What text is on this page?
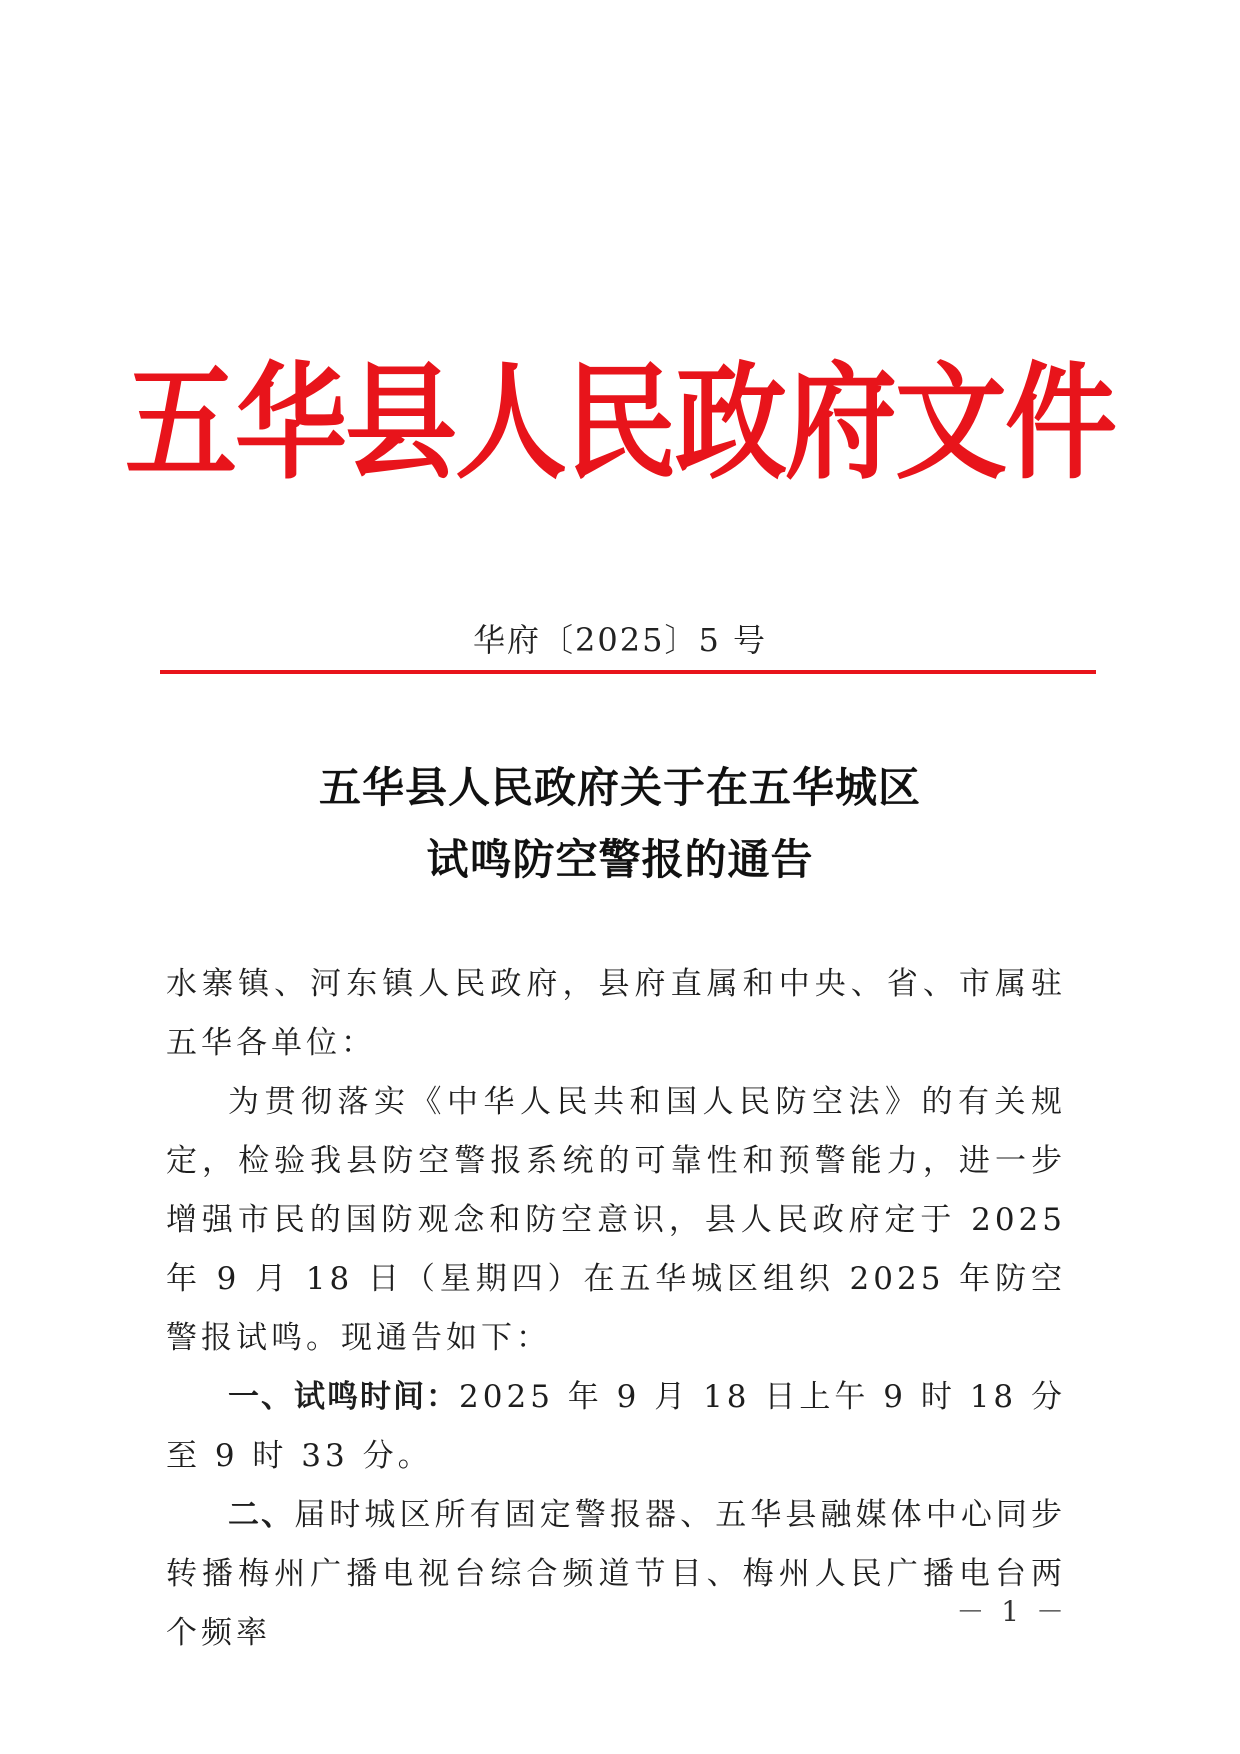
五华县人民政府文件
华府〔2025〕5 号
五华县人民政府关于在五华城区
试鸣防空警报的通告

水寨镇、河东镇人民政府，县府直属和中央、省、市属驻五华各单位：

为贯彻落实《中华人民共和国人民防空法》的有关规定，检验我县防空警报系统的可靠性和预警能力，进一步增强市民的国防观念和防空意识，县人民政府定于 2025 年 9 月 18 日（星期四）在五华城区组织 2025 年防空警报试鸣。现通告如下：

一、试鸣时间：2025 年 9 月 18 日上午 9 时 18 分至 9 时 33 分。

二、届时城区所有固定警报器、五华县融媒体中心同步转播梅州广播电视台综合频道节目、梅州人民广播电台两个频率

－ 1 －
